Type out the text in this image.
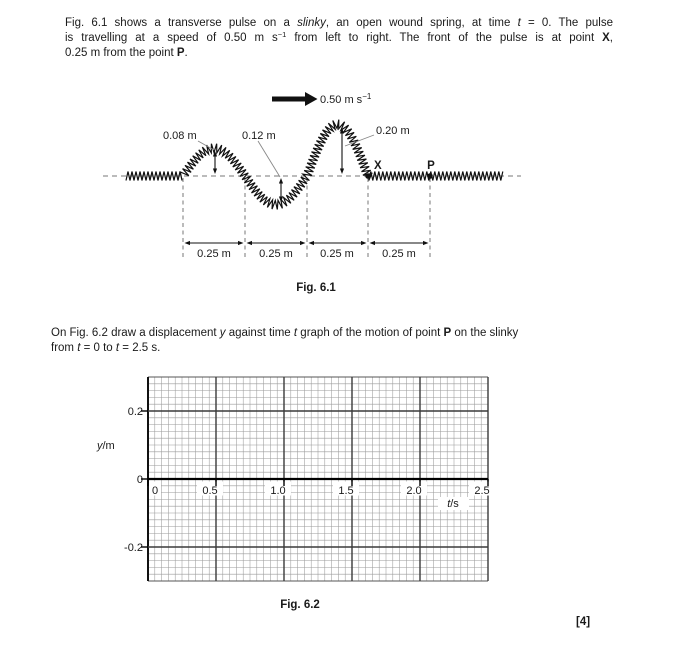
Fig. 6.1 shows a transverse pulse on a slinky, an open wound spring, at time t = 0. The pulse
is travelling at a speed of 0.50 m $s^{-1}$ from left to right. The front of the pulse is at point X,
0.25 m from the point P.
0.50 m $s^{-1}$
0.08 m	0.12 m	0.20 m
X	P
0.25 m	0.25 m 0.25 m	0.25 m
Fig. 6.1
On Fig. 6.2 draw a displacement y against time t graph of the motion of point P on the slinky
from t = 0 to t = 2.5 s.
0.2
0
-0.2
0	0.5	1.0	1.5	2.0	2.5
y/m
t/s
Fig. 6.2
[4]
